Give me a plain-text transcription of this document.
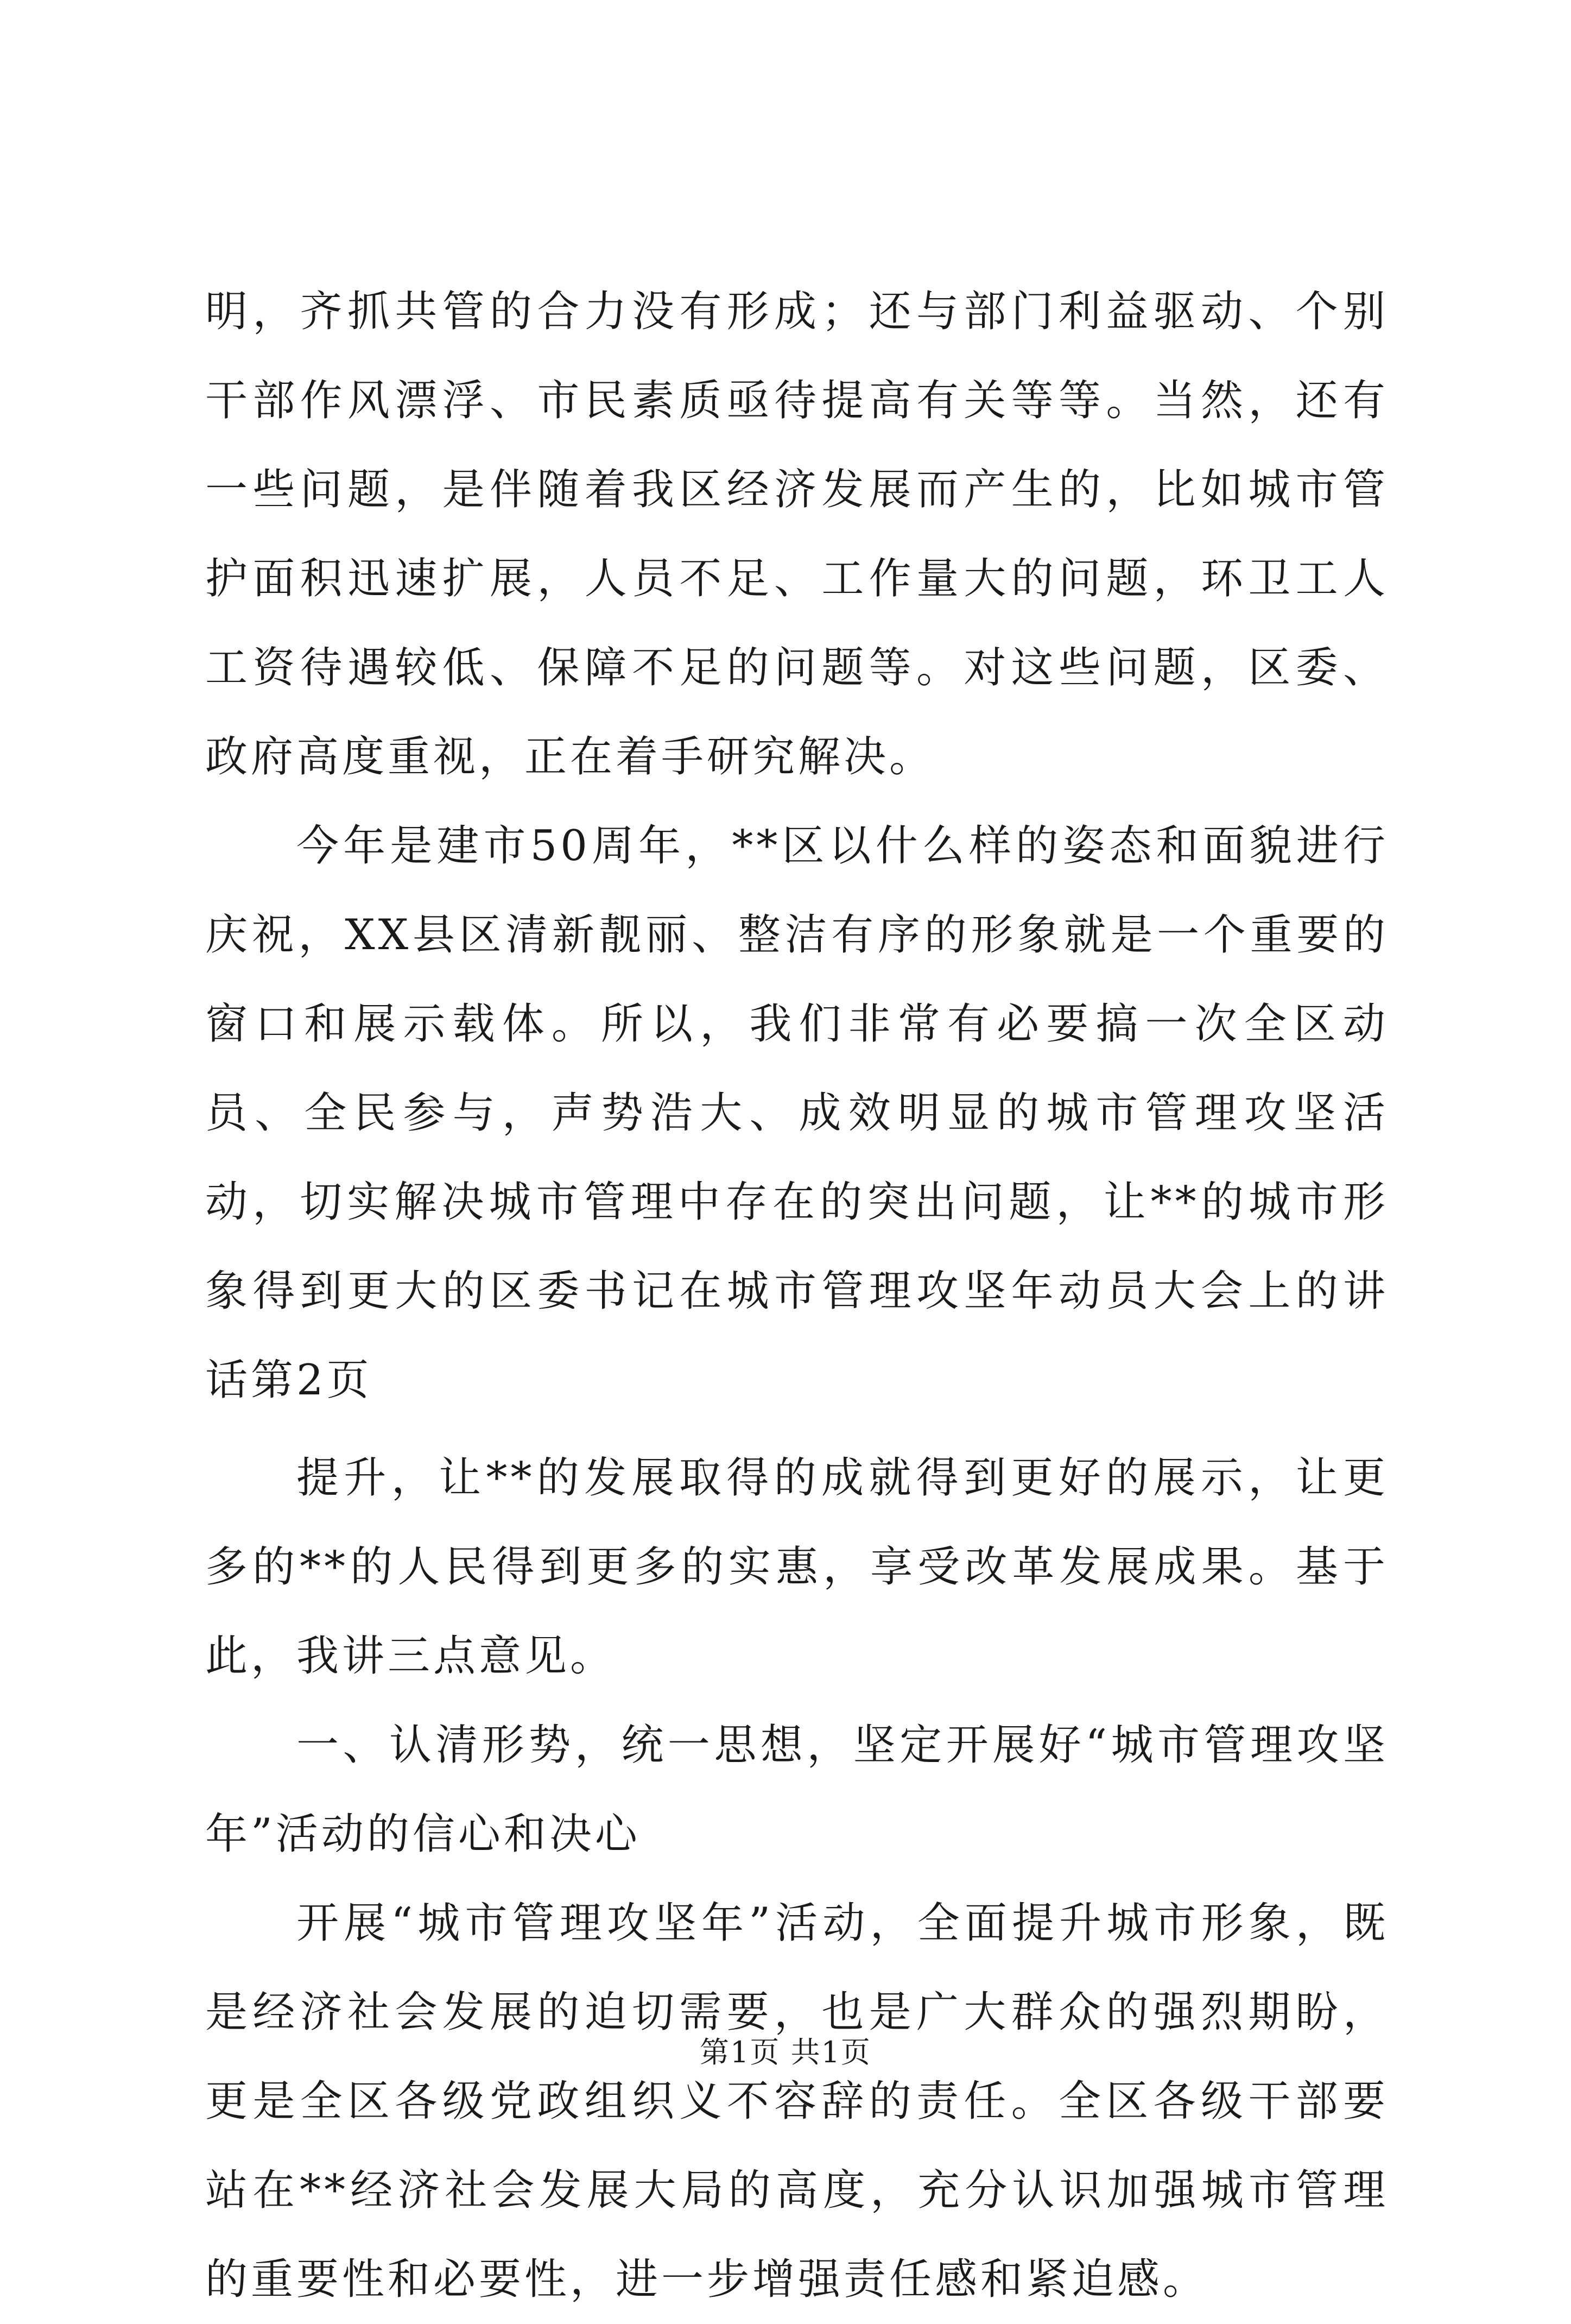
明，齐抓共管的合力没有形成；还与部门利益驱动、个别干部作风漂浮、市民素质亟待提高有关等等。当然，还有一些问题，是伴随着我区经济发展而产生的，比如城市管护面积迅速扩展，人员不足、工作量大的问题，环卫工人工资待遇较低、保障不足的问题等。对这些问题，区委、政府高度重视，正在着手研究解决。

今年是建市50周年，**区以什么样的姿态和面貌进行庆祝，XX县区清新靓丽、整洁有序的形象就是一个重要的窗口和展示载体。所以，我们非常有必要搞一次全区动员、全民参与，声势浩大、成效明显的城市管理攻坚活动，切实解决城市管理中存在的突出问题，让**的城市形象得到更大的区委书记在城市管理攻坚年动员大会上的讲话第2页

提升，让**的发展取得的成就得到更好的展示，让更多的**的人民得到更多的实惠，享受改革发展成果。基于此，我讲三点意见。

一、认清形势，统一思想，坚定开展好“城市管理攻坚年”活动的信心和决心

开展“城市管理攻坚年”活动，全面提升城市形象，既是经济社会发展的迫切需要，也是广大群众的强烈期盼，更是全区各级党政组织义不容辞的责任。全区各级干部要站在**经济社会发展大局的高度，充分认识加强城市管理的重要性和必要性，进一步增强责任感和紧迫感。

第1页 共1页
